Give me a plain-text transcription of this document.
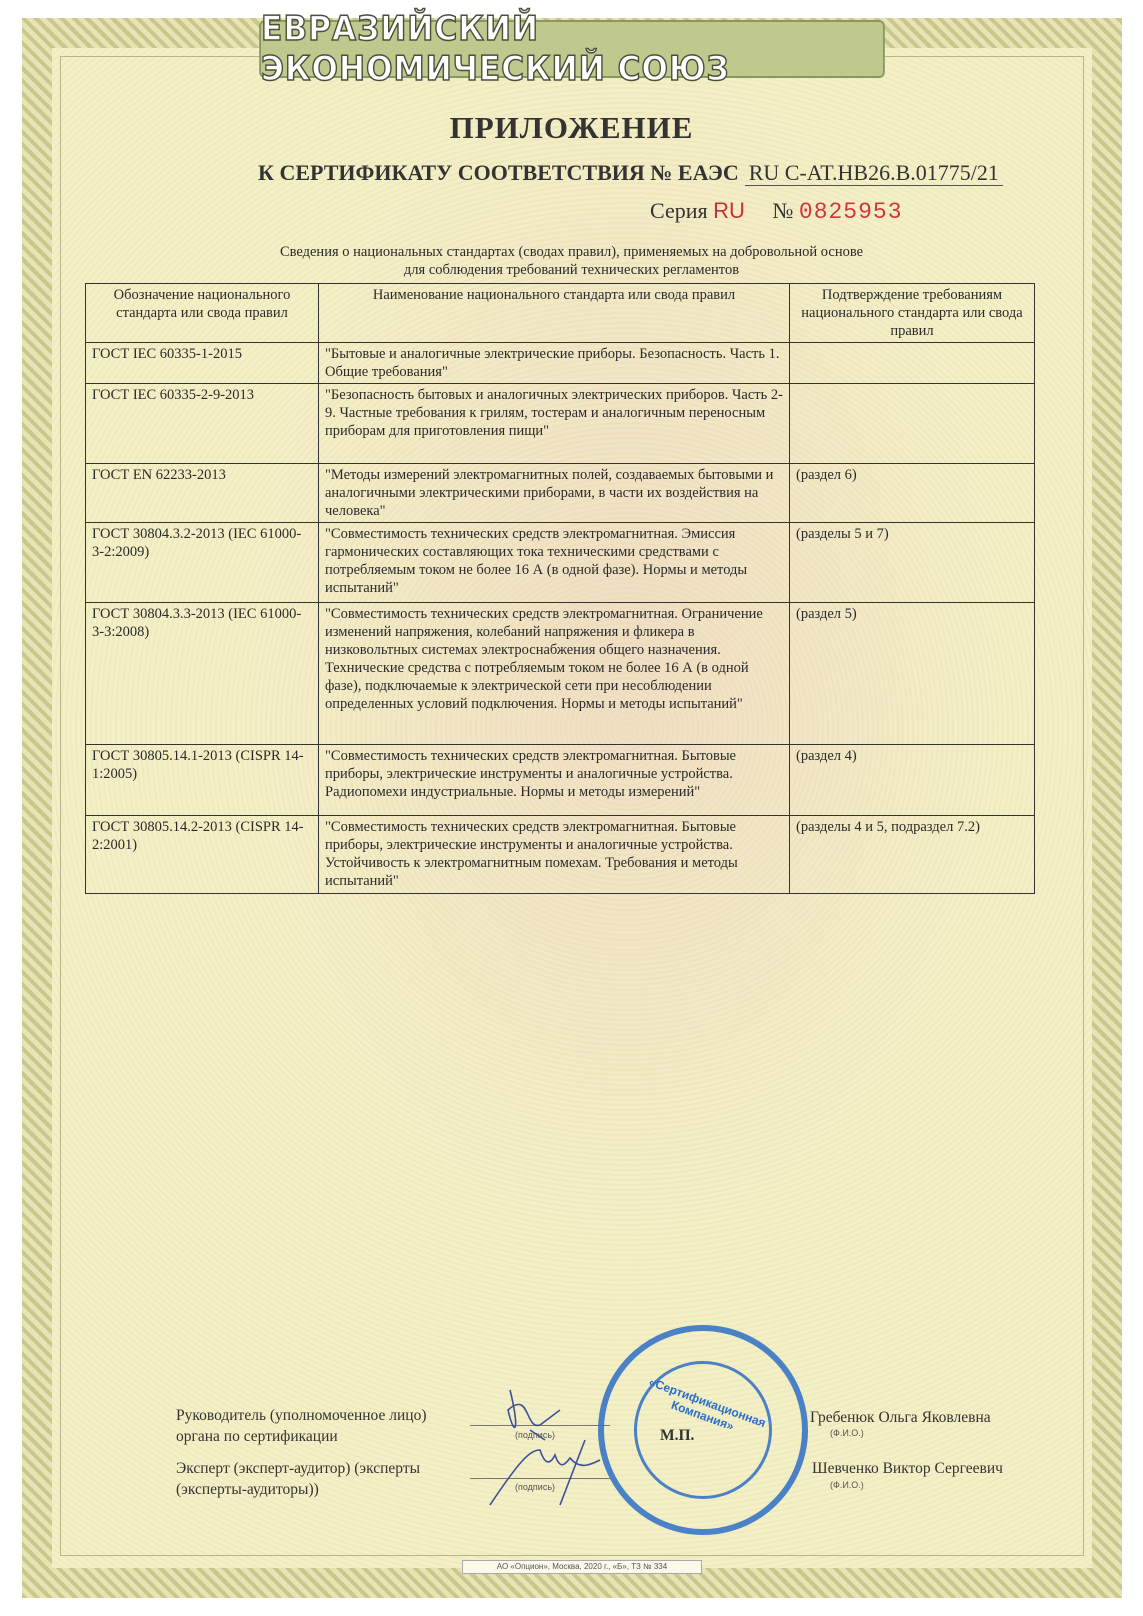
ЕВРАЗИЙСКИЙ ЭКОНОМИЧЕСКИЙ СОЮЗ
ПРИЛОЖЕНИЕ
К СЕРТИФИКАТУ СООТВЕТСТВИЯ № ЕАЭС RU C-AT.HB26.B.01775/21
Серия RU № 0825953
Сведения о национальных стандартах (сводах правил), применяемых на добровольной основе
для соблюдения требований технических регламентов
Обозначение национального стандарта или свода правил	Наименование национального стандарта или свода правил	Подтверждение требованиям национального стандарта или свода правил
ГОСТ IEC 60335-1-2015	"Бытовые и аналогичные электрические приборы. Безопасность. Часть 1. Общие требования"	
ГОСТ IEC 60335-2-9-2013	"Безопасность бытовых и аналогичных электрических приборов. Часть 2-9. Частные требования к грилям, тостерам и аналогичным переносным приборам для приготовления пищи"	
ГОСТ EN 62233-2013	"Методы измерений электромагнитных полей, создаваемых бытовыми и аналогичными электрическими приборами, в части их воздействия на человека"	(раздел 6)
ГОСТ 30804.3.2-2013 (IEC 61000-3-2:2009)	"Совместимость технических средств электромагнитная. Эмиссия гармонических составляющих тока техническими средствами с потребляемым током не более 16 А (в одной фазе). Нормы и методы испытаний"	(разделы 5 и 7)
ГОСТ 30804.3.3-2013 (IEC 61000-3-3:2008)	"Совместимость технических средств электромагнитная. Ограничение изменений напряжения, колебаний напряжения и фликера в низковольтных системах электроснабжения общего назначения. Технические средства с потребляемым током не более 16 А (в одной фазе), подключаемые к электрической сети при несоблюдении определенных условий подключения. Нормы и методы испытаний"	(раздел 5)
ГОСТ 30805.14.1-2013 (CISPR 14-1:2005)	"Совместимость технических средств электромагнитная. Бытовые приборы, электрические инструменты и аналогичные устройства. Радиопомехи индустриальные. Нормы и методы измерений"	(раздел 4)
ГОСТ 30805.14.2-2013 (CISPR 14-2:2001)	"Совместимость технических средств электромагнитная. Бытовые приборы, электрические инструменты и аналогичные устройства. Устойчивость к электромагнитным помехам. Требования и методы испытаний"	(разделы 4 и 5, подраздел 7.2)
Руководитель (уполномоченное лицо) органа по сертификации	(подпись)	М.П.
Гребенюк Ольга Яковлевна
(Ф.И.О.)
Эксперт (эксперт-аудитор) (эксперты (эксперты-аудиторы))	(подпись)
Шевченко Виктор Сергеевич
(Ф.И.О.)
«Сертификационная Компания»
АО «Опцион», Москва, 2020 г., «Б», ТЗ № 334
